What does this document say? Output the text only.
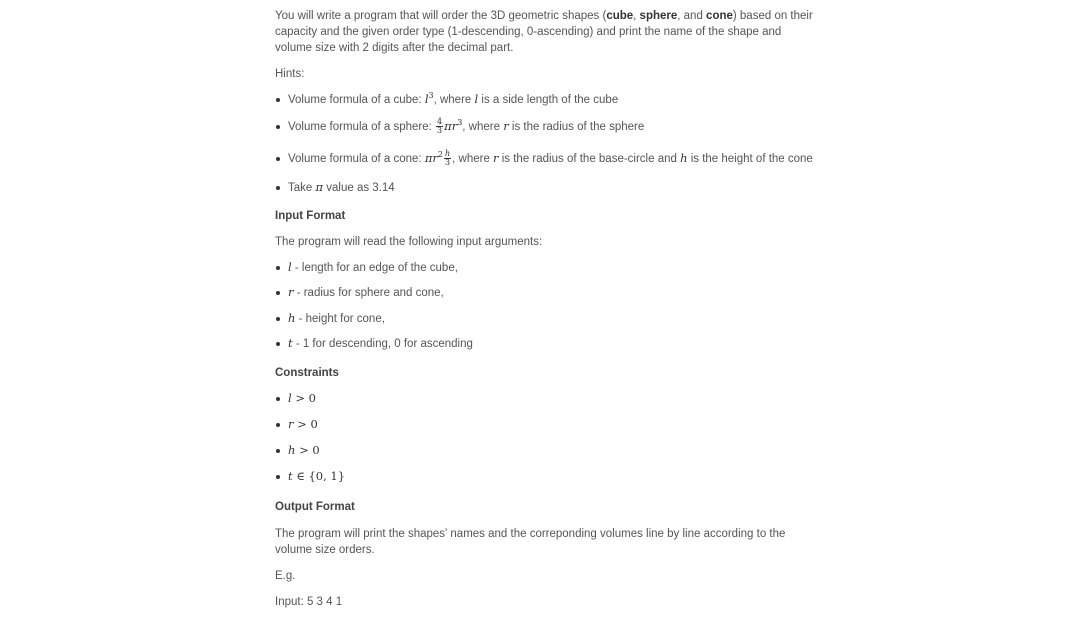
You will write a program that will order the 3D geometric shapes (cube, sphere, and cone) based on their capacity and the given order type (1-descending, 0-ascending) and print the name of the shape and volume size with 2 digits after the decimal part.

Hints:

Volume formula of a cube: $l^3$, where l is a side length of the cube
Volume formula of a sphere: $\frac{4}{3} \pi r^3$, where r is the radius of the sphere
Volume formula of a cone: $\pi r^2 \frac{h}{3}$ , where r is the radius of the base-circle and h is the height of the cone
Take π value as 3.14

Input Format

The program will read the following input arguments:

l - length for an edge of the cube,
r - radius for sphere and cone,
h - height for cone,
t - 1 for descending, 0 for ascending

Constraints

l > 0
r > 0
h > 0
t ∈ {0, 1}

Output Format

The program will print the shapes' names and the correponding volumes line by line according to the volume size orders.

E.g.

Input: 5 3 4 1
